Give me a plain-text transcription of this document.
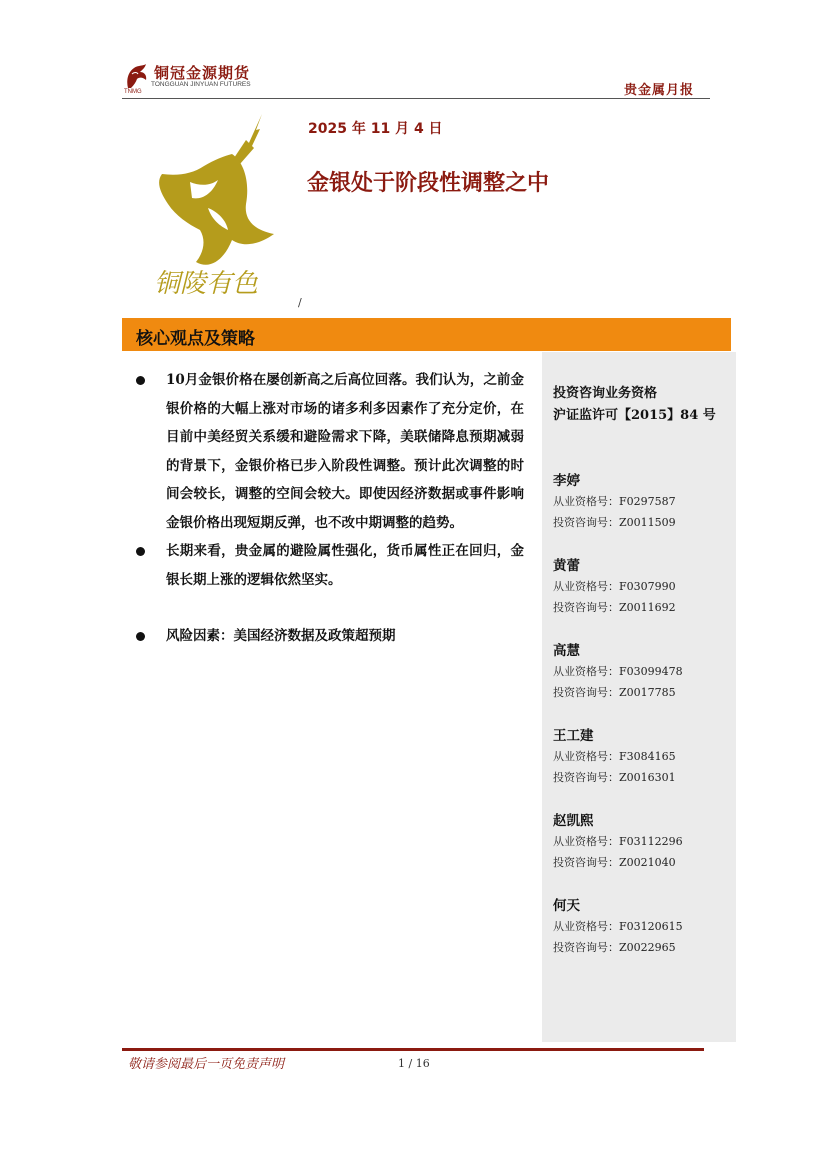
铜冠金源期货
TONGGUAN JINYUAN FUTURES
TNMG	贵金属月报
铜陵有色
2025 年 11 月 4 日
金银处于阶段性调整之中
/
核心观点及策略
投资咨询业务资格
沪证监许可【2015】84 号
李婷
从业资格号：F0297587
投资咨询号：Z0011509
黄蕾
从业资格号：F0307990
投资咨询号：Z0011692
高慧
从业资格号：F03099478
投资咨询号：Z0017785
王工建
从业资格号：F3084165
投资咨询号：Z0016301
赵凯熙
从业资格号：F03112296
投资咨询号：Z0021040
何天
从业资格号：F03120615
投资咨询号：Z0022965
10月金银价格在屡创新高之后高位回落。我们认为，之前金银价格的大幅上涨对市场的诸多利多因素作了充分定价，在目前中美经贸关系缓和避险需求下降，美联储降息预期减弱的背景下，金银价格已步入阶段性调整。预计此次调整的时间会较长，调整的空间会较大。即使因经济数据或事件影响金银价格出现短期反弹，也不改中期调整的趋势。
长期来看，贵金属的避险属性强化，货币属性正在回归，金银长期上涨的逻辑依然坚实。
风险因素：美国经济数据及政策超预期
敬请参阅最后一页免责声明	1 / 16
